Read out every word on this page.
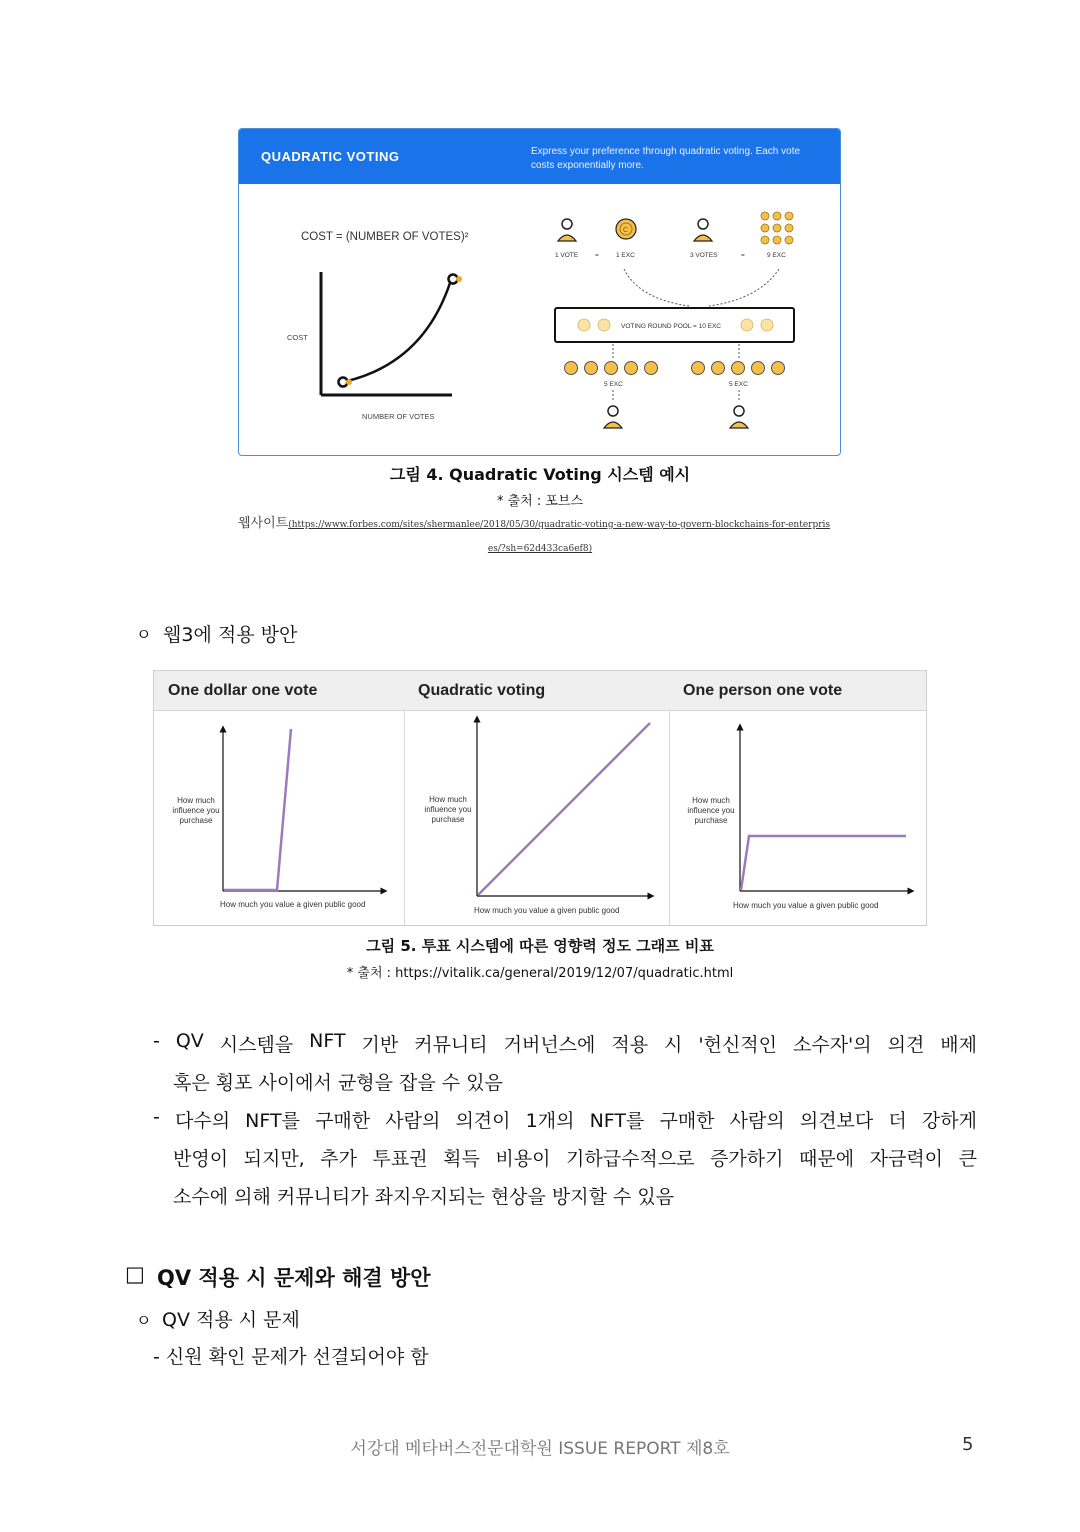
QUADRATIC VOTING	Express your preference through quadratic voting. Each vote costs exponentially more.
COST = (NUMBER OF VOTES)²
COST
NUMBER OF VOTES
1 VOTE	=
C
1 EXC	3 VOTES	=	9 EXC
VOTING ROUND POOL = 10 EXC
5 EXC	5 EXC
그림 4. Quadratic Voting 시스템 예시
* 출처 : 포브스
웹사이트(https://www.forbes.com/sites/shermanlee/2018/05/30/quadratic-voting-a-new-way-to-govern-blockchains-for-enterpris
es/?sh=62d433ca6ef8)
ㅇ 웹3에 적용 방안
One dollar one vote
How much influence you purchase
How much you value a given public good
Quadratic voting
How much influence you purchase
How much you value a given public good
One person one vote
How much influence you purchase
How much you value a given public good
그림 5. 투표 시스템에 따른 영향력 정도 그래프 비표
* 출처 : https://vitalik.ca/general/2019/12/07/quadratic.html
- QV 시스템을 NFT 기반 커뮤니티 거버넌스에 적용 시 '헌신적인 소수자'의 의견 배제
혹은 횡포 사이에서 균형을 잡을 수 있음
- 다수의 NFT를 구매한 사람의 의견이 1개의 NFT를 구매한 사람의 의견보다 더 강하게
반영이 되지만, 추가 투표권 획득 비용이 기하급수적으로 증가하기 때문에 자금력이 큰
소수에 의해 커뮤니티가 좌지우지되는 현상을 방지할 수 있음
□ QV 적용 시 문제와 해결 방안
ㅇ QV 적용 시 문제
- 신원 확인 문제가 선결되어야 함
서강대 메타버스전문대학원 ISSUE REPORT 제8호	5
